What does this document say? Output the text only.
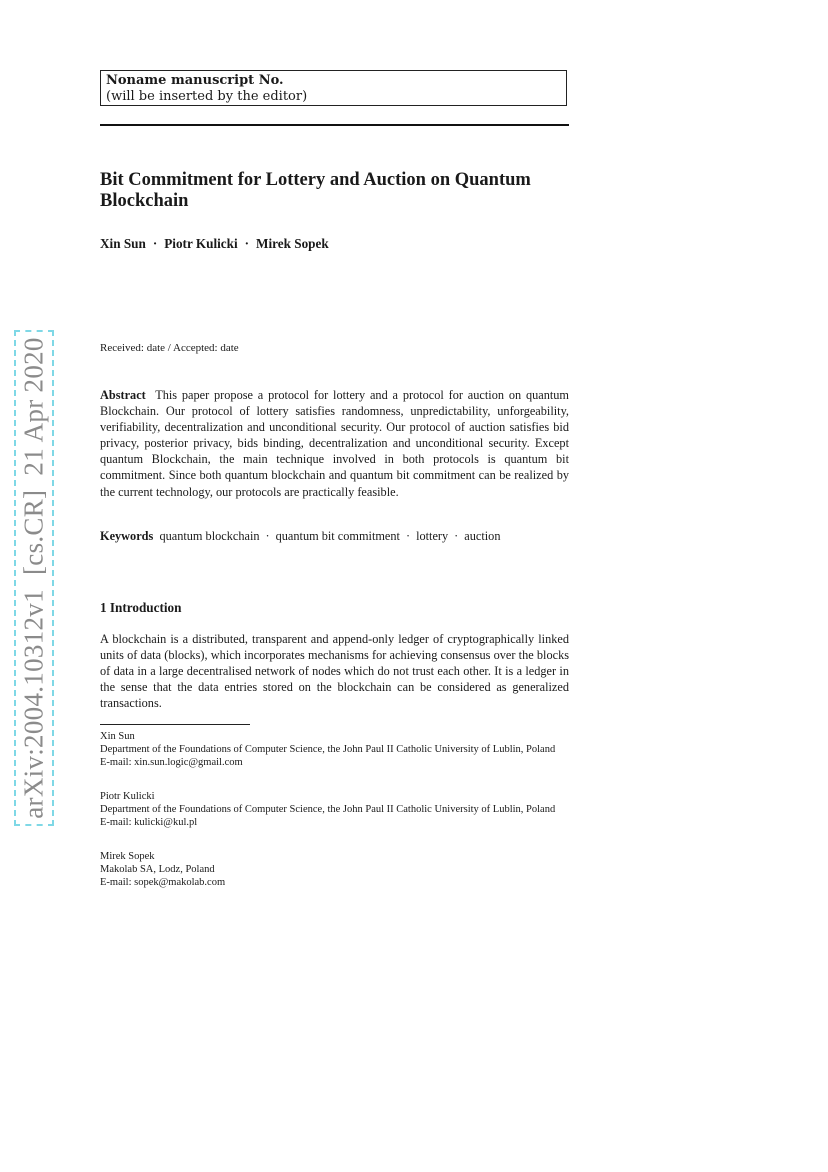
Noname manuscript No.
(will be inserted by the editor)
Bit Commitment for Lottery and Auction on Quantum Blockchain
Xin Sun · Piotr Kulicki · Mirek Sopek
Received: date / Accepted: date
Abstract This paper propose a protocol for lottery and a protocol for auction on quantum Blockchain. Our protocol of lottery satisfies randomness, unpredictability, unforgeability, verifiability, decentralization and unconditional security. Our protocol of auction satisfies bid privacy, posterior privacy, bids binding, decentralization and unconditional security. Except quantum Blockchain, the main technique involved in both protocols is quantum bit commitment. Since both quantum blockchain and quantum bit commitment can be realized by the current technology, our protocols are practically feasible.
Keywords quantum blockchain · quantum bit commitment · lottery · auction
1 Introduction
A blockchain is a distributed, transparent and append-only ledger of cryptographically linked units of data (blocks), which incorporates mechanisms for achieving consensus over the blocks of data in a large decentralised network of nodes which do not trust each other. It is a ledger in the sense that the data entries stored on the blockchain can be considered as generalized transactions.
Xin Sun
Department of the Foundations of Computer Science, the John Paul II Catholic University of Lublin, Poland
E-mail: xin.sun.logic@gmail.com
Piotr Kulicki
Department of the Foundations of Computer Science, the John Paul II Catholic University of Lublin, Poland
E-mail: kulicki@kul.pl
Mirek Sopek
Makolab SA, Lodz, Poland
E-mail: sopek@makolab.com
arXiv:2004.10312v1  [cs.CR]  21 Apr 2020
